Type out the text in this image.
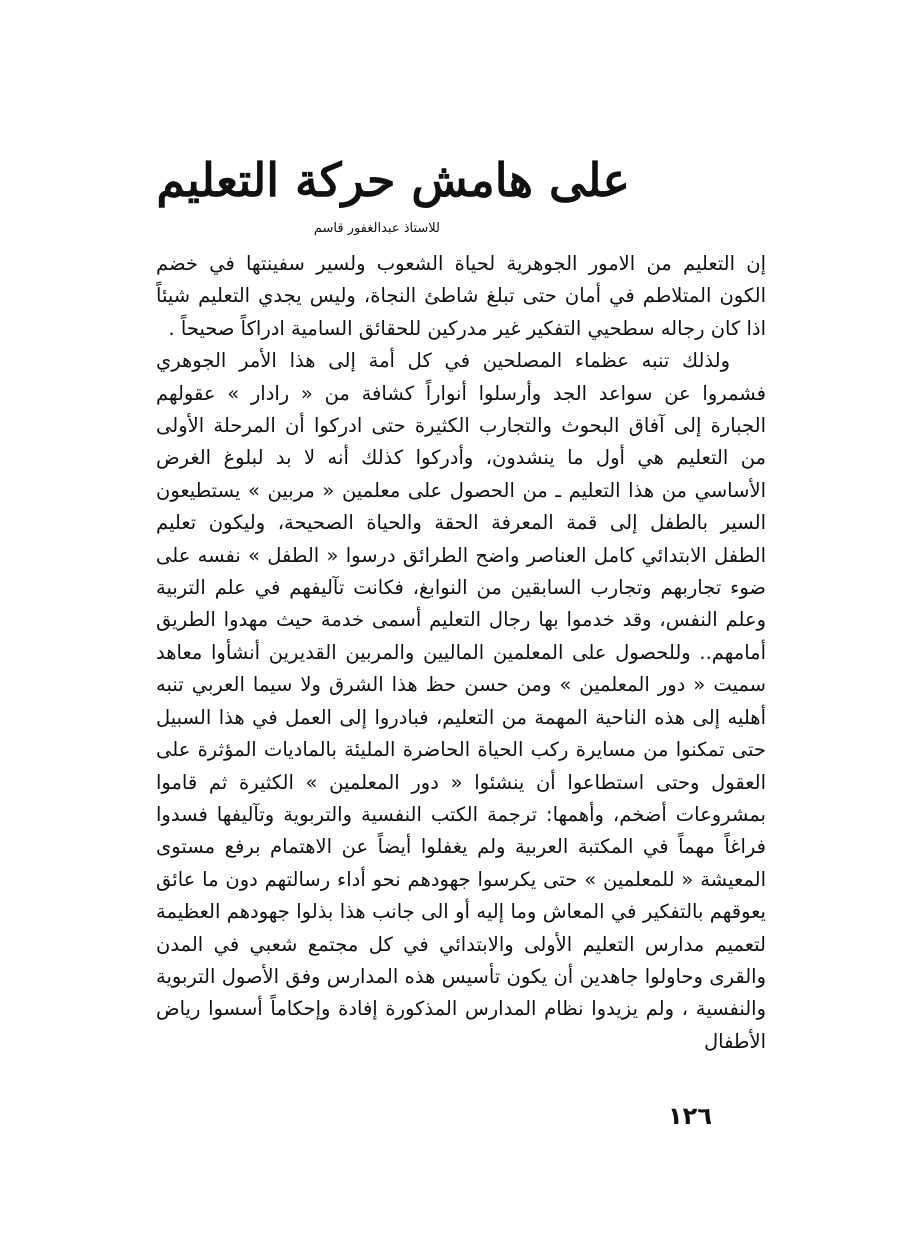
على هامش حركة التعليم
للاستاذ عبدالغفور قاسم

إن التعليم من الامور الجوهرية لحياة الشعوب ولسير سفينتها في خضم الكون المتلاطم في أمان حتى تبلغ شاطئ النجاة، وليس يجدي التعليم شيئاً اذا كان رجاله سطحيي التفكير غير مدركين للحقائق السامية ادراكاً صحيحاً .

ولذلك تنبه عظماء المصلحين في كل أمة إلى هذا الأمر الجوهري فشمروا عن سواعد الجد وأرسلوا أنواراً كشافة من « رادار » عقولهم الجبارة إلى آفاق البحوث والتجارب الكثيرة حتى ادركوا أن المرحلة الأولى من التعليم هي أول ما ينشدون، وأدركوا كذلك أنه لا بد لبلوغ الغرض الأساسي من هذا التعليم ـ من الحصول على معلمين « مربين » يستطيعون السير بالطفل إلى قمة المعرفة الحقة والحياة الصحيحة، وليكون تعليم الطفل الابتدائي كامل العناصر واضح الطرائق درسوا « الطفل » نفسه على ضوء تجاربهم وتجارب السابقين من النوابغ، فكانت تآليفهم في علم التربية وعلم النفس، وقد خدموا بها رجال التعليم أسمى خدمة حيث مهدوا الطريق أمامهم.. وللحصول على المعلمين الماليين والمربين القديرين أنشأوا معاهد سميت « دور المعلمين » ومن حسن حظ هذا الشرق ولا سيما العربي تنبه أهليه إلى هذه الناحية المهمة من التعليم، فبادروا إلى العمل في هذا السبيل حتى تمكنوا من مسايرة ركب الحياة الحاضرة المليئة بالماديات المؤثرة على العقول وحتى استطاعوا أن ينشئوا « دور المعلمين » الكثيرة ثم قاموا بمشروعات أضخم، وأهمها: ترجمة الكتب النفسية والتربوية وتآليفها فسدوا فراغاً مهماً في المكتبة العربية ولم يغفلوا أيضاً عن الاهتمام برفع مستوى المعيشة « للمعلمين » حتى يكرسوا جهودهم نحو أداء رسالتهم دون ما عائق يعوقهم بالتفكير في المعاش وما إليه أو الى جانب هذا بذلوا جهودهم العظيمة لتعميم مدارس التعليم الأولى والابتدائي في كل مجتمع شعبي في المدن والقرى وحاولوا جاهدين أن يكون تأسيس هذه المدارس وفق الأصول التربوية والنفسية ، ولم يزيدوا نظام المدارس المذكورة إفادة وإحكاماً أسسوا رياض الأطفال

١٢٦
